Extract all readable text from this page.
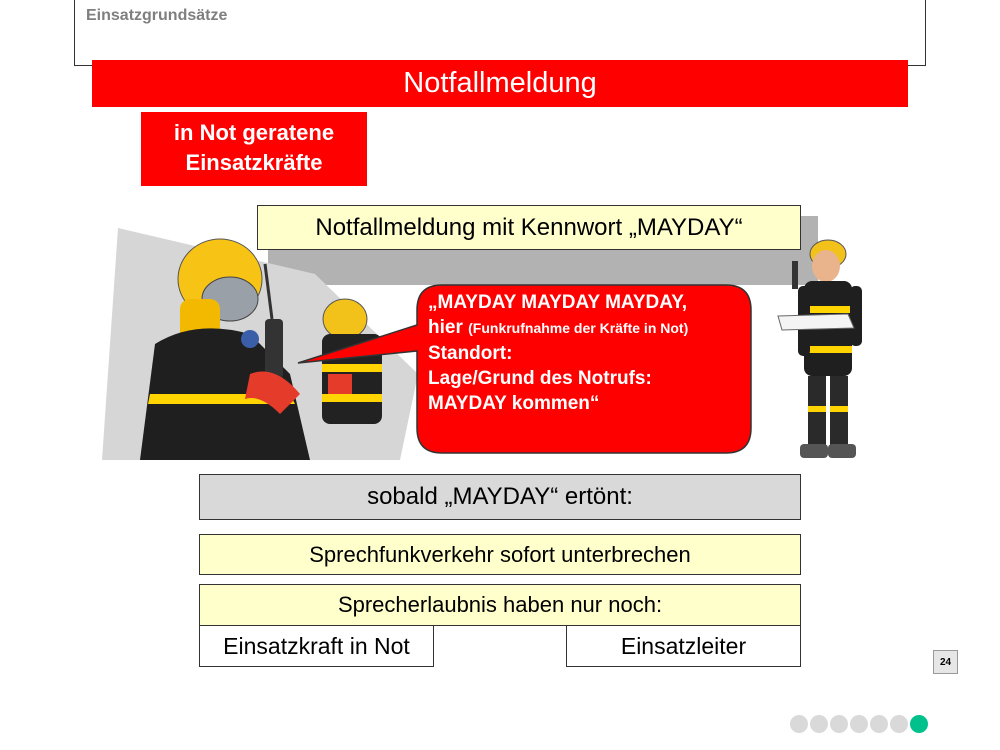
Einsatzgrundsätze
Notfallmeldung
in Not geratene
Einsatzkräfte
Notfallmeldung mit Kennwort „MAYDAY“
„MAYDAY MAYDAY MAYDAY,
hier (Funkrufnahme der Kräfte in Not)
Standort:
Lage/Grund des Notrufs:
MAYDAY kommen“
sobald „MAYDAY“ ertönt:
Sprechfunkverkehr sofort unterbrechen
Sprecherlaubnis haben nur noch:
Einsatzkraft in Not	Einsatzleiter
24
